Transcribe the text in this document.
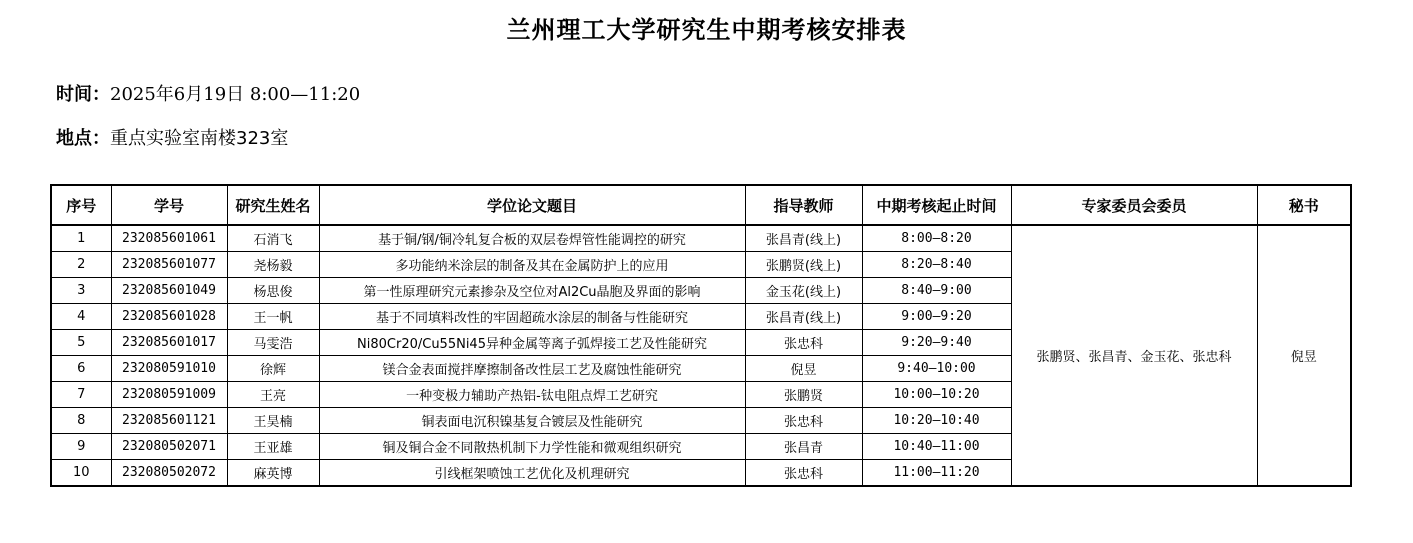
兰州理工大学研究生中期考核安排表
时间：2025年6月19日 8:00—11:20
地点：重点实验室南楼323室
序号	学号	研究生姓名	学位论文题目	指导教师	中期考核起止时间	专家委员会委员	秘书
1	232085601061	石消飞	基于铜/钢/铜冷轧复合板的双层卷焊管性能调控的研究	张昌青(线上)	8:00—8:20	张鹏贤、张昌青、金玉花、张忠科	倪昱
2	232085601077	尧杨毅	多功能纳米涂层的制备及其在金属防护上的应用	张鹏贤(线上)	8:20—8:40		
3	232085601049	杨思俊	第一性原理研究元素掺杂及空位对Al2Cu晶胞及界面的影响	金玉花(线上)	8:40—9:00		
4	232085601028	王一帆	基于不同填料改性的牢固超疏水涂层的制备与性能研究	张昌青(线上)	9:00—9:20		
5	232085601017	马雯浩	Ni80Cr20/Cu55Ni45异种金属等离子弧焊接工艺及性能研究	张忠科	9:20—9:40		
6	232080591010	徐辉	镁合金表面搅拌摩擦制备改性层工艺及腐蚀性能研究	倪昱	9:40—10:00		
7	232080591009	王亮	一种变极力辅助产热铝-钛电阻点焊工艺研究	张鹏贤	10:00—10:20		
8	232085601121	王昊楠	铜表面电沉积镍基复合镀层及性能研究	张忠科	10:20—10:40		
9	232080502071	王亚雄	铜及铜合金不同散热机制下力学性能和微观组织研究	张昌青	10:40—11:00		
10	232080502072	麻英博	引线框架喷蚀工艺优化及机理研究	张忠科	11:00—11:20		
